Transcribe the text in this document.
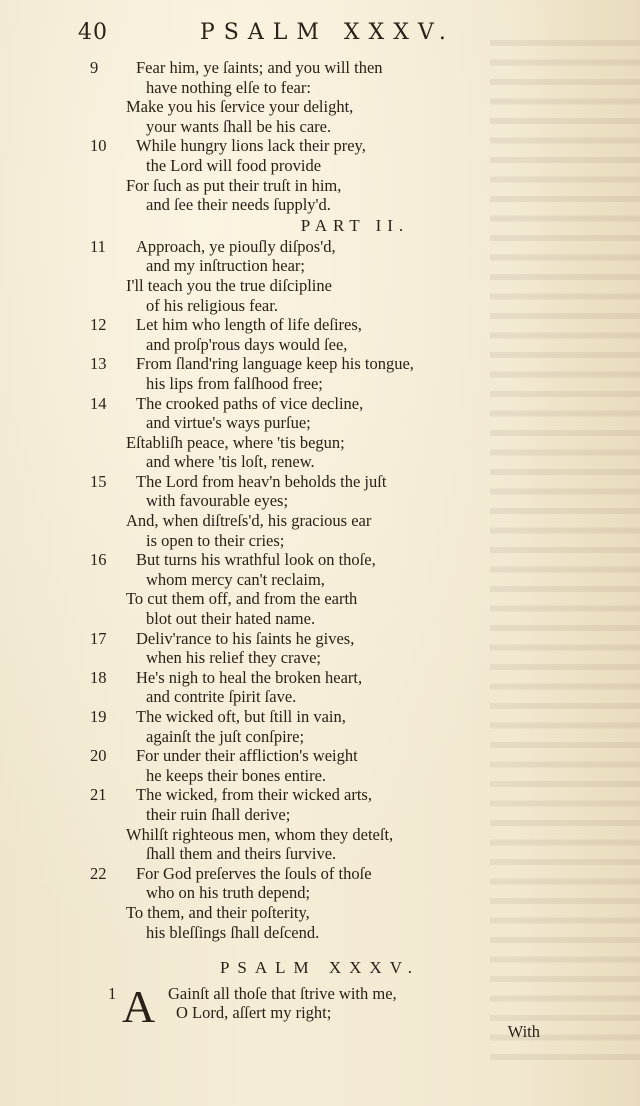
40	PSALM XXXV.
9	Fear him, ye ſaints; and you will then
have nothing elſe to fear:
Make you his ſervice your delight,
your wants ſhall be his care.
10	While hungry lions lack their prey,
the Lord will food provide
For ſuch as put their truſt in him,
and ſee their needs ſupply'd.
PART II.
11	Approach, ye piouſly diſpos'd,
and my inſtruction hear;
I'll teach you the true diſcipline
of his religious fear.
12	Let him who length of life deſires,
and proſp'rous days would ſee,
13	From ſland'ring language keep his tongue,
his lips from falſhood free;
14	The crooked paths of vice decline,
and virtue's ways purſue;
Eſtabliſh peace, where 'tis begun;
and where 'tis loſt, renew.
15	The Lord from heav'n beholds the juſt
with favourable eyes;
And, when diſtreſs'd, his gracious ear
is open to their cries;
16	But turns his wrathful look on thoſe,
whom mercy can't reclaim,
To cut them off, and from the earth
blot out their hated name.
17	Deliv'rance to his ſaints he gives,
when his relief they crave;
18	He's nigh to heal the broken heart,
and contrite ſpirit ſave.
19	The wicked oft, but ſtill in vain,
againſt the juſt conſpire;
20	For under their affliction's weight
he keeps their bones entire.
21	The wicked, from their wicked arts,
their ruin ſhall derive;
Whilſt righteous men, whom they deteſt,
ſhall them and theirs ſurvive.
22	For God preſerves the ſouls of thoſe
who on his truth depend;
To them, and their poſterity,
his bleſſings ſhall deſcend.
PSALM XXXV.
1 A Gainſt all thoſe that ſtrive with me,
O Lord, aſſert my right;
With
